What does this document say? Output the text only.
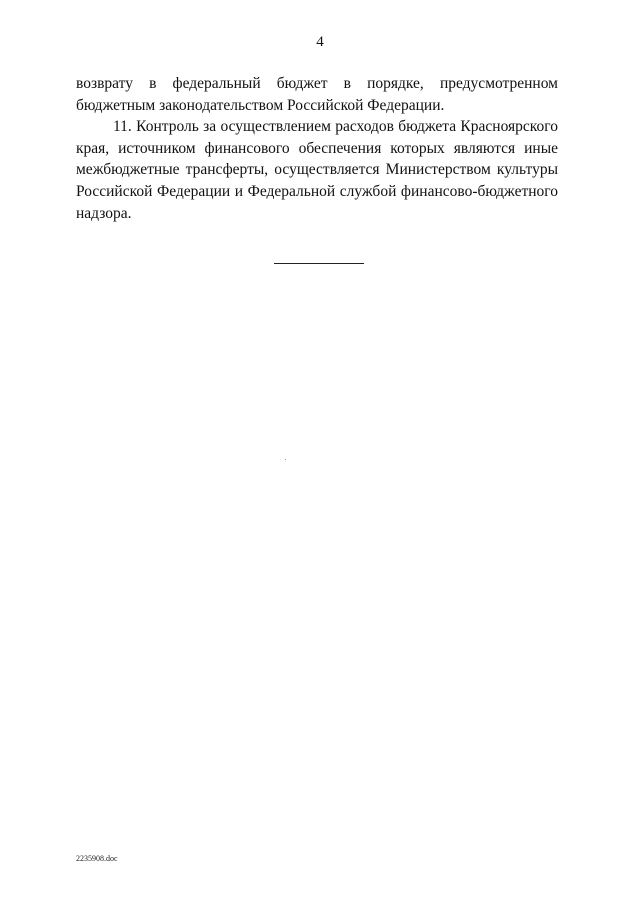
4

возврату в федеральный бюджет в порядке, предусмотренном бюджетным законодательством Российской Федерации.

11. Контроль за осуществлением расходов бюджета Красноярского края, источником финансового обеспечения которых являются иные межбюджетные трансферты, осуществляется Министерством культуры Российской Федерации и Федеральной службой финансово-бюджетного надзора.

2235908.doc
